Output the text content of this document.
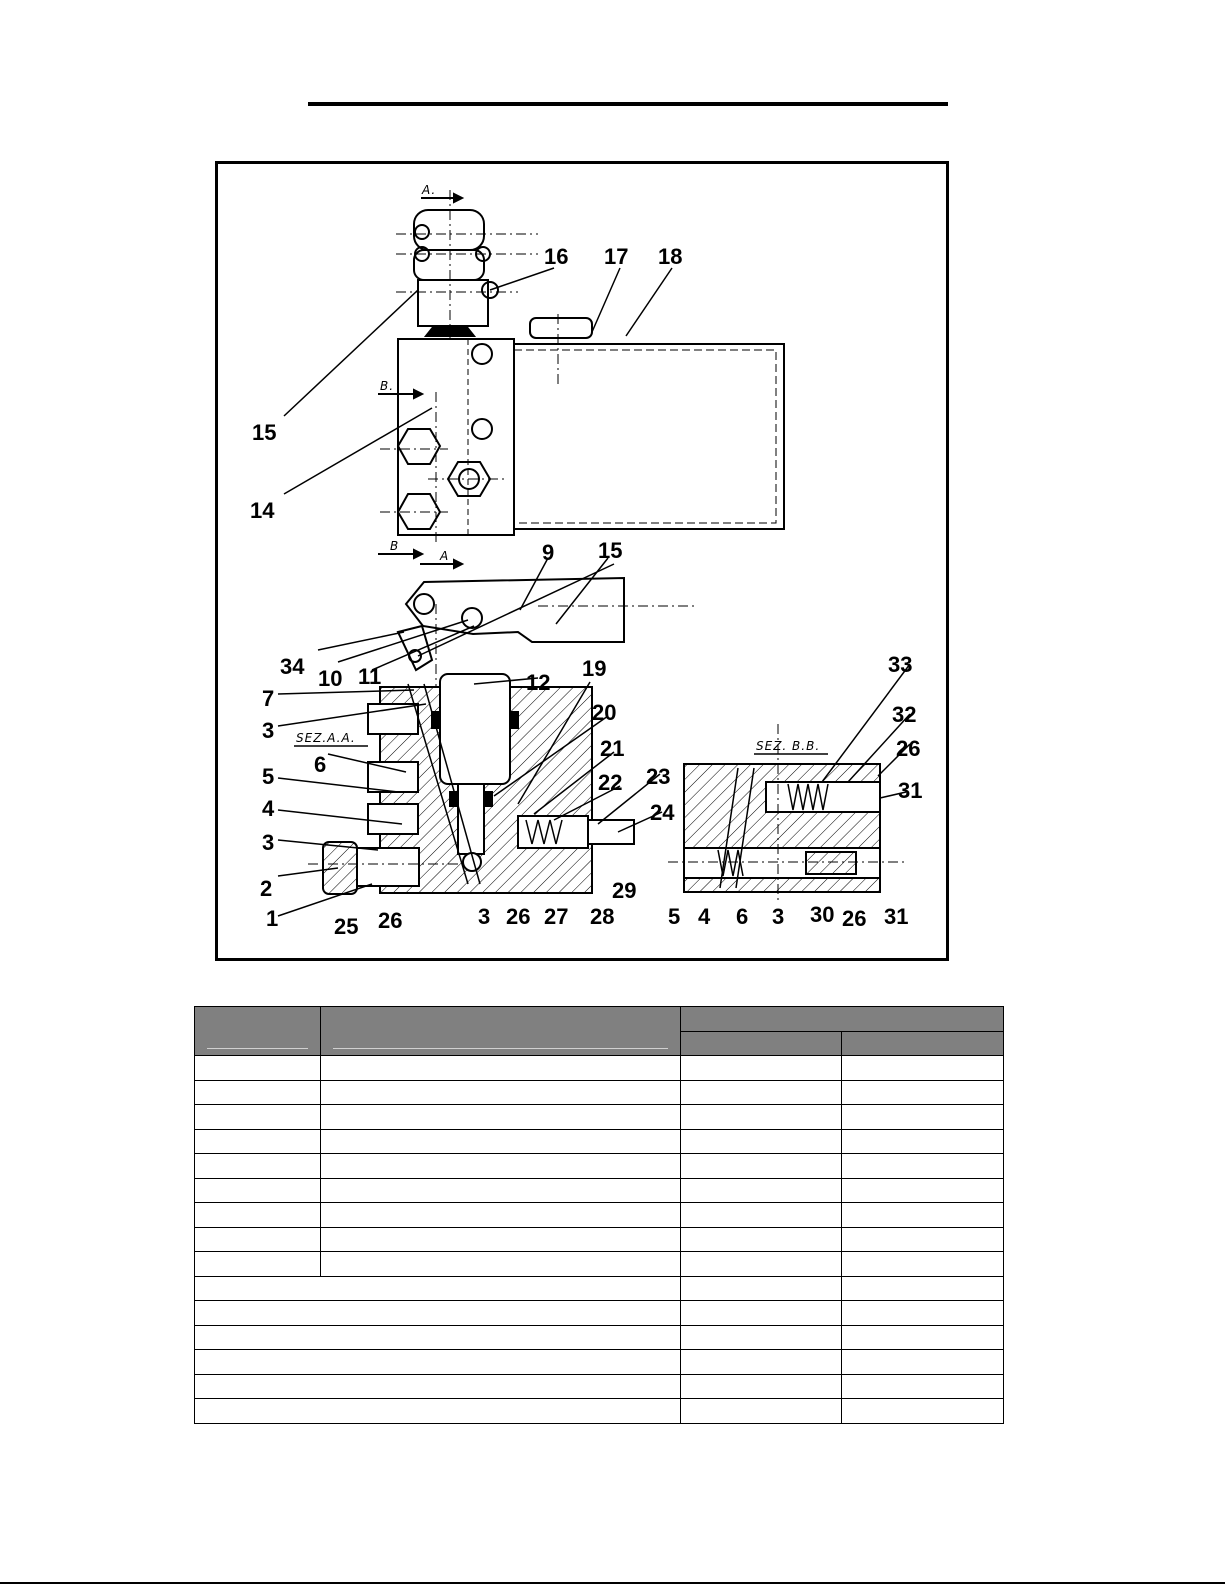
16 17 18
15
14
9 15
34 10 11	12
19
7
20
3
21
6
5	22 23
4	24
3
2	29
1	25 26	3 26 27 28
33
32
26
31
5 4 6 3 30 26 31
A.
B.
B
A
SEZ.A.A.
SEZ. B.B.
